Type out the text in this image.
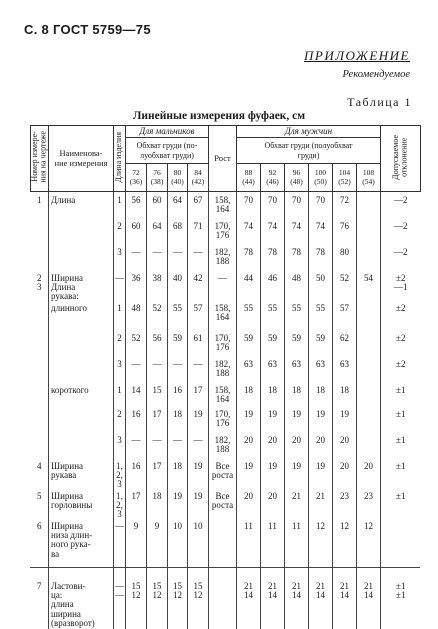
С. 8 ГОСТ 5759—75
ПРИЛОЖЕНИЕ
Рекомендуемое
Таблица 1
Линейные измерения фуфаек, см
Номер измере-
ния на чертеже	Наименова-
ние измерения	Длина изделия	Для мальчиков				Рост	Для мужчин						Допускаемое
отклонение

			Обхват груди (по-
луобхват груди)					Обхват груди (полуобхват
груди)						

			72
(36)	76
(38)	80
(40)	84
(42)		88
(44)	92
(46)	96
(48)	100
(50)	104
(52)	108
(54)	

1	Длина	1	56	60	64	67	158,
164	70	70	70	70	72		—2

		2	60	64	68	71	170,
176	74	74	74	74	76		—2

		3	—	—	—	—	182,
188	78	78	78	78	80		—2

2
3	Ширина
Длина
рукава:	—	36	38	40	42	—	44	46	48	50	52	54	±2
—1

	длинного	1	48	52	55	57	158,
164	55	55	55	55	57		±2

		2	52	56	59	61	170,
176	59	59	59	59	62		±2

		3	—	—	—	—	182,
188	63	63	63	63	63		±2

	короткого	1	14	15	16	17	158,
164	18	18	18	18	18		±1

		2	16	17	18	19	170,
176	19	19	19	19	19		±1

		3	—	—	—	—	182,
188	20	20	20	20	20		±1

4	Ширина
рукава	1,
2,
3	16	17	18	19	Все
роста	19	19	19	19	20	20	±1

5	Ширина
горловины	1,
2,
3	17	18	19	19	Все
роста	20	20	21	21	23	23	±1

6	Ширина
низа длин-
ного рука-
ва	—	9	9	10	10		11	11	11	12	12	12	

7	Ластови-
ца:
длина
ширина
(вразворот)	—
—	15
12	15
12	15
12	15
12		21
14	21
14	21
14	21
14	21
14	21
14	±1
±1
